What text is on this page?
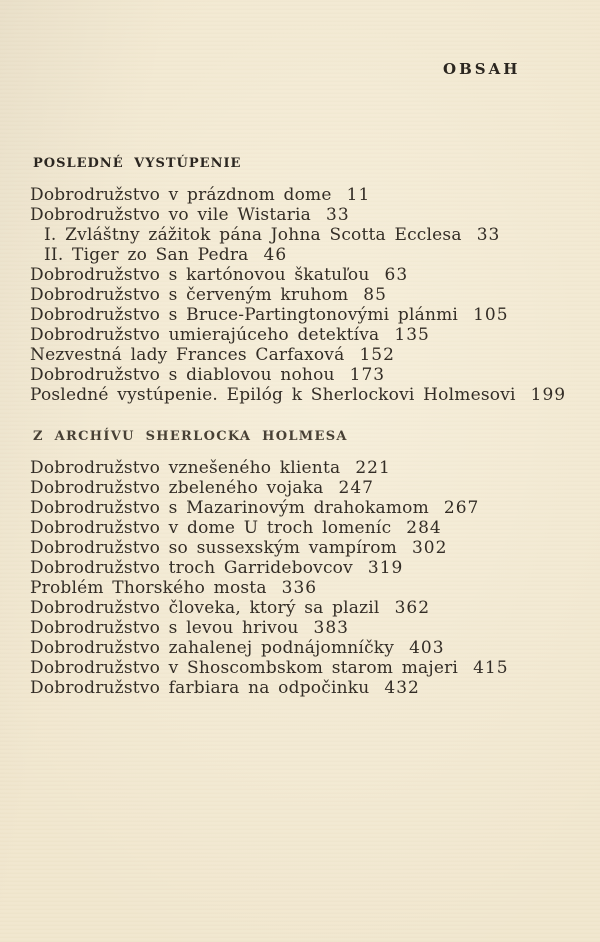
OBSAH
POSLEDNÉ VYSTÚPENIE
Dobrodružstvo v prázdnom dome 11
Dobrodružstvo vo vile Wistaria 33
I. Zvláštny zážitok pána Johna Scotta Ecclesa 33
II. Tiger zo San Pedra 46
Dobrodružstvo s kartónovou škatuľou 63
Dobrodružstvo s červeným kruhom 85
Dobrodružstvo s Bruce-Partingtonovými plánmi 105
Dobrodružstvo umierajúceho detektíva 135
Nezvestná lady Frances Carfaxová 152
Dobrodružstvo s diablovou nohou 173
Posledné vystúpenie. Epilóg k Sherlockovi Holmesovi 199
Z ARCHÍVU SHERLOCKA HOLMESA
Dobrodružstvo vznešeného klienta 221
Dobrodružstvo zbeleného vojaka 247
Dobrodružstvo s Mazarinovým drahokamom 267
Dobrodružstvo v dome U troch lomeníc 284
Dobrodružstvo so sussexským vampírom 302
Dobrodružstvo troch Garridebovcov 319
Problém Thorského mosta 336
Dobrodružstvo človeka, ktorý sa plazil 362
Dobrodružstvo s levou hrivou 383
Dobrodružstvo zahalenej podnájomníčky 403
Dobrodružstvo v Shoscombskom starom majeri 415
Dobrodružstvo farbiara na odpočinku 432
